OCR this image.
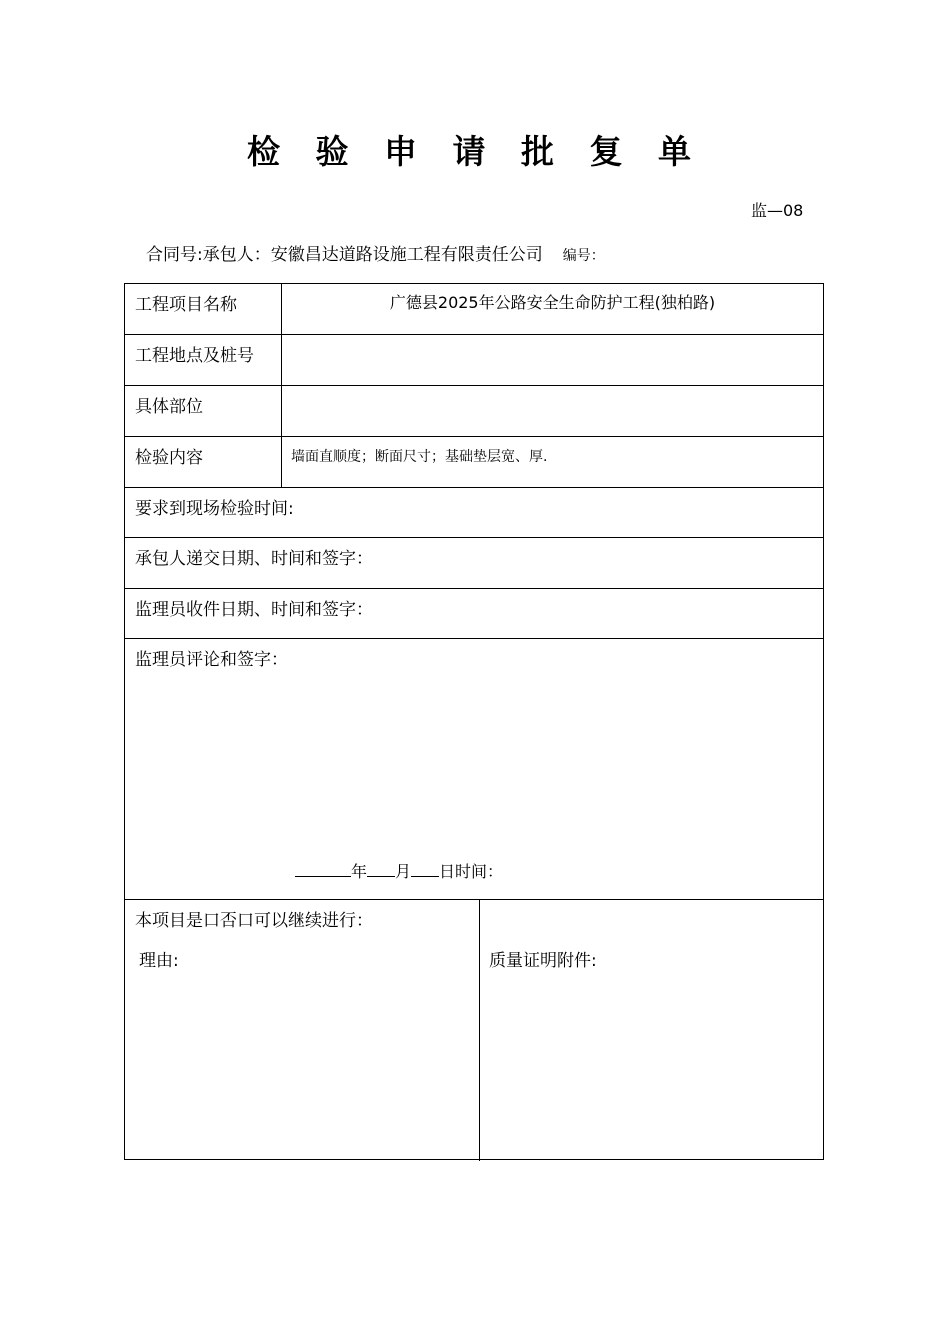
检 验 申 请 批 复 单
监—08
合同号:承包人：安徽昌达道路设施工程有限责任公司 编号：
工程项目名称	广德县2025年公路安全生命防护工程(独柏路)
工程地点及桩号
具体部位
检验内容	墙面直顺度；断面尺寸；基础垫层宽、厚.
要求到现场检验时间:
承包人递交日期、时间和签字：
监理员收件日期、时间和签字：
监理员评论和签字：
年 月 日时间：
本项目是口否口可以继续进行：
理由:	质量证明附件:
